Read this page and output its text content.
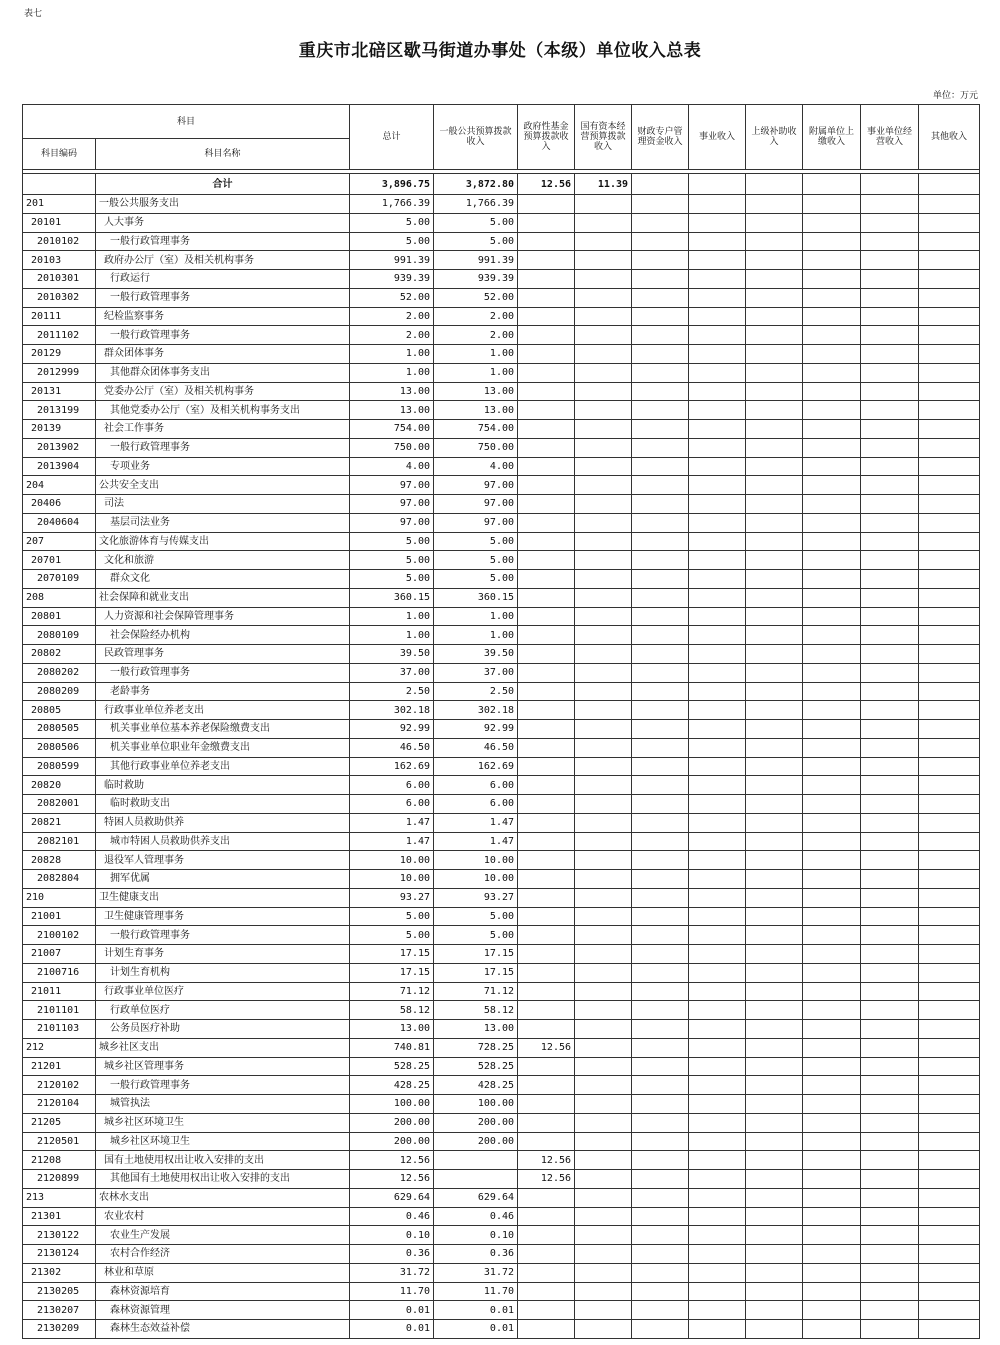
表七
重庆市北碚区歇马街道办事处（本级）单位收入总表
单位：万元
科目		总计	一般公共预算拨款收入	政府性基金预算拨款收入	国有资本经营预算拨款收入	财政专户管理资金收入	事业收入	上级补助收入	附属单位上缴收入	事业单位经营收入	其他收入
科目编码	科目名称										

	合计	3,896.75	3,872.80	12.56	11.39						
201	一般公共服务支出	1,766.39	1,766.39								
20101	人大事务	5.00	5.00								
2010102	一般行政管理事务	5.00	5.00								
20103	政府办公厅（室）及相关机构事务	991.39	991.39								
2010301	行政运行	939.39	939.39								
2010302	一般行政管理事务	52.00	52.00								
20111	纪检监察事务	2.00	2.00								
2011102	一般行政管理事务	2.00	2.00								
20129	群众团体事务	1.00	1.00								
2012999	其他群众团体事务支出	1.00	1.00								
20131	党委办公厅（室）及相关机构事务	13.00	13.00								
2013199	其他党委办公厅（室）及相关机构事务支出	13.00	13.00								
20139	社会工作事务	754.00	754.00								
2013902	一般行政管理事务	750.00	750.00								
2013904	专项业务	4.00	4.00								
204	公共安全支出	97.00	97.00								
20406	司法	97.00	97.00								
2040604	基层司法业务	97.00	97.00								
207	文化旅游体育与传媒支出	5.00	5.00								
20701	文化和旅游	5.00	5.00								
2070109	群众文化	5.00	5.00								
208	社会保障和就业支出	360.15	360.15								
20801	人力资源和社会保障管理事务	1.00	1.00								
2080109	社会保险经办机构	1.00	1.00								
20802	民政管理事务	39.50	39.50								
2080202	一般行政管理事务	37.00	37.00								
2080209	老龄事务	2.50	2.50								
20805	行政事业单位养老支出	302.18	302.18								
2080505	机关事业单位基本养老保险缴费支出	92.99	92.99								
2080506	机关事业单位职业年金缴费支出	46.50	46.50								
2080599	其他行政事业单位养老支出	162.69	162.69								
20820	临时救助	6.00	6.00								
2082001	临时救助支出	6.00	6.00								
20821	特困人员救助供养	1.47	1.47								
2082101	城市特困人员救助供养支出	1.47	1.47								
20828	退役军人管理事务	10.00	10.00								
2082804	拥军优属	10.00	10.00								
210	卫生健康支出	93.27	93.27								
21001	卫生健康管理事务	5.00	5.00								
2100102	一般行政管理事务	5.00	5.00								
21007	计划生育事务	17.15	17.15								
2100716	计划生育机构	17.15	17.15								
21011	行政事业单位医疗	71.12	71.12								
2101101	行政单位医疗	58.12	58.12								
2101103	公务员医疗补助	13.00	13.00								
212	城乡社区支出	740.81	728.25	12.56							
21201	城乡社区管理事务	528.25	528.25								
2120102	一般行政管理事务	428.25	428.25								
2120104	城管执法	100.00	100.00								
21205	城乡社区环境卫生	200.00	200.00								
2120501	城乡社区环境卫生	200.00	200.00								
21208	国有土地使用权出让收入安排的支出	12.56		12.56							
2120899	其他国有土地使用权出让收入安排的支出	12.56		12.56							
213	农林水支出	629.64	629.64								
21301	农业农村	0.46	0.46								
2130122	农业生产发展	0.10	0.10								
2130124	农村合作经济	0.36	0.36								
21302	林业和草原	31.72	31.72								
2130205	森林资源培育	11.70	11.70								
2130207	森林资源管理	0.01	0.01								
2130209	森林生态效益补偿	0.01	0.01								
